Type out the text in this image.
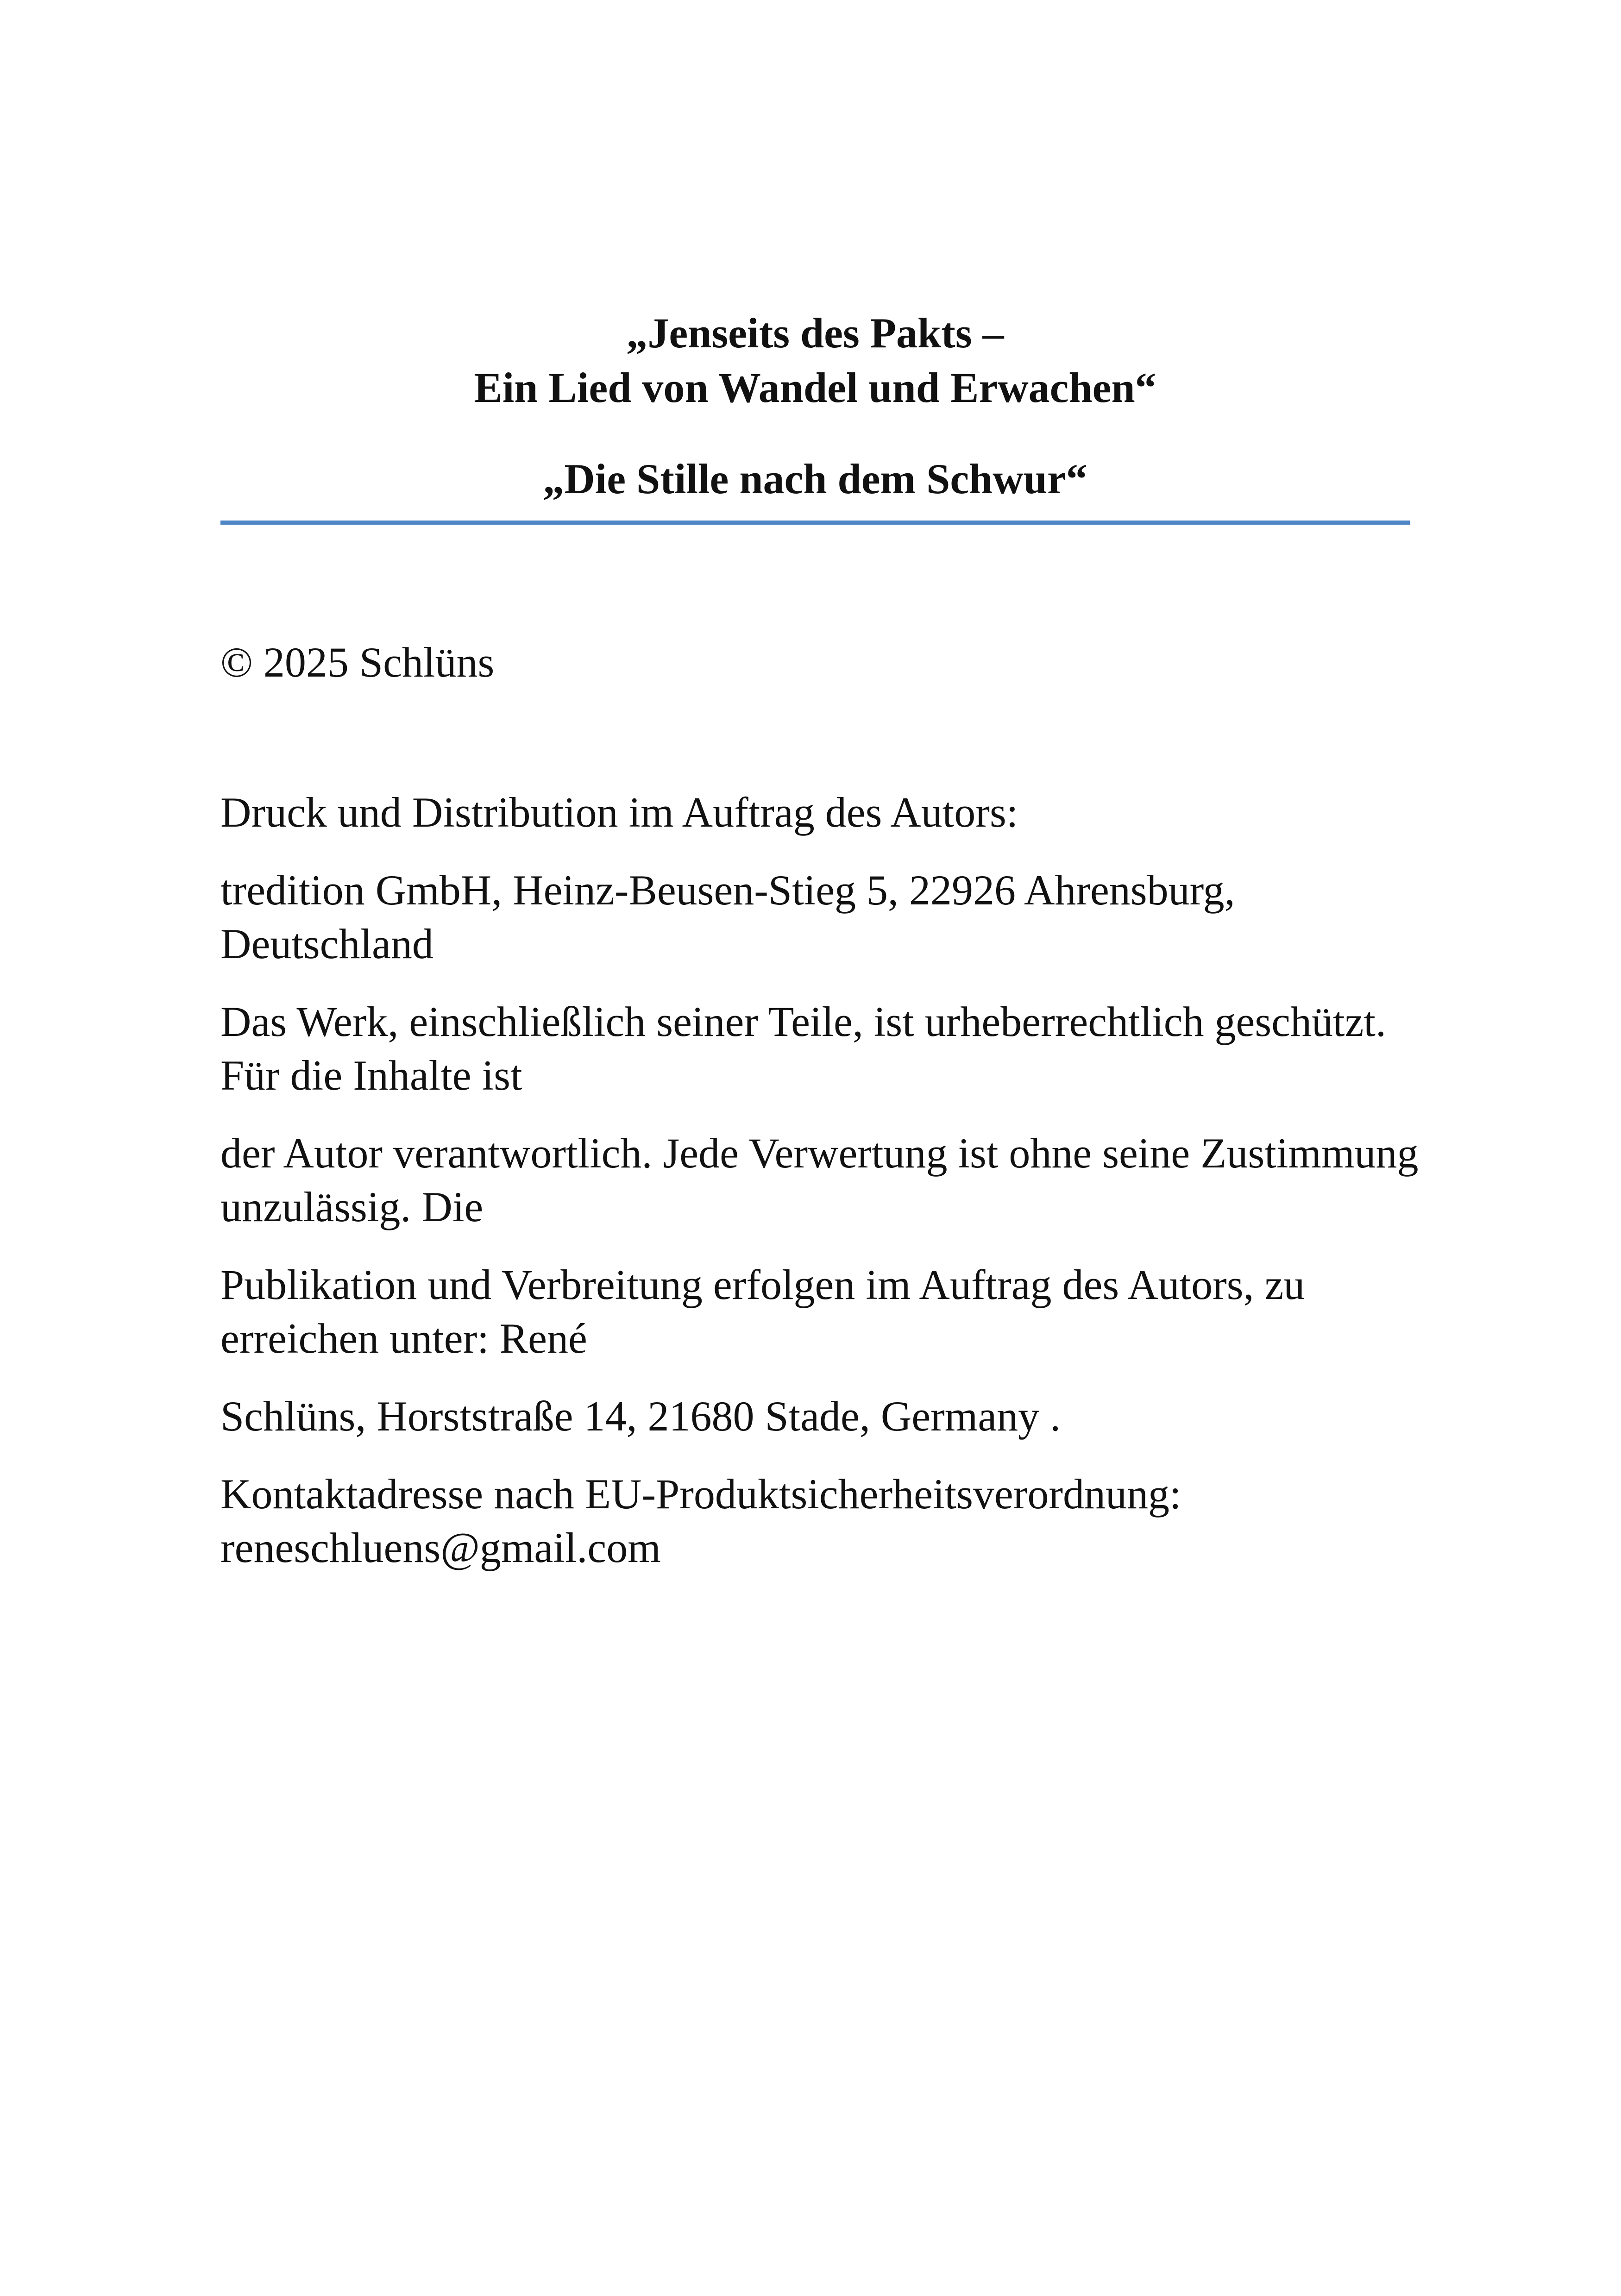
„Jenseits des Pakts –
Ein Lied von Wandel und Erwachen“
„Die Stille nach dem Schwur“

© 2025 Schlüns

Druck und Distribution im Auftrag des Autors:

tredition GmbH, Heinz-Beusen-Stieg 5, 22926 Ahrensburg, Deutschland

Das Werk, einschließlich seiner Teile, ist urheberrechtlich geschützt. Für die Inhalte ist

der Autor verantwortlich. Jede Verwertung ist ohne seine Zustimmung unzulässig. Die

Publikation und Verbreitung erfolgen im Auftrag des Autors, zu erreichen unter: René

Schlüns, Horststraße 14, 21680 Stade, Germany .

Kontaktadresse nach EU-Produktsicherheitsverordnung: reneschluens@gmail.com
